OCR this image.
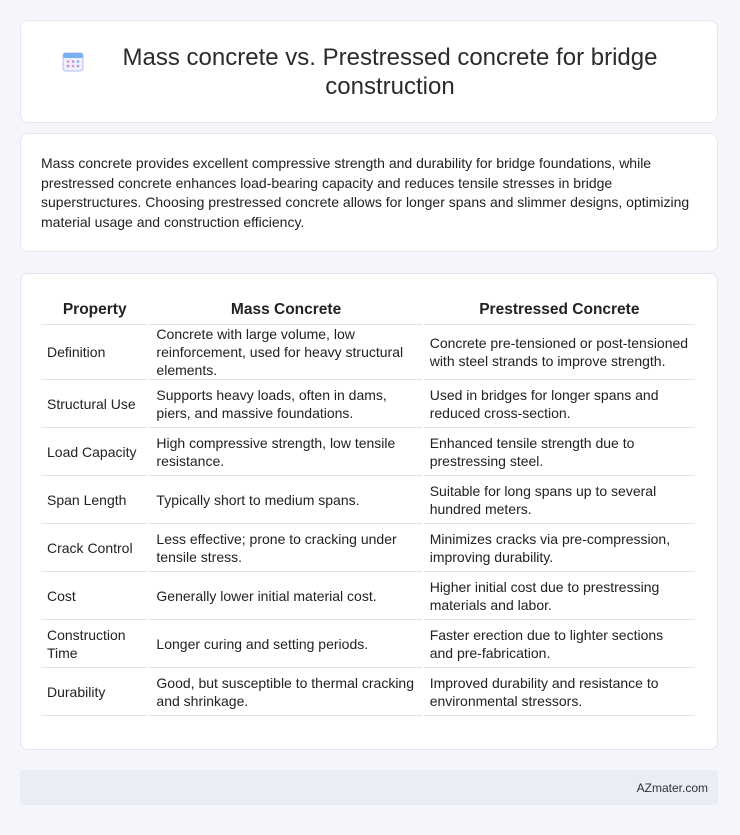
Mass concrete vs. Prestressed concrete for bridge construction

Mass concrete provides excellent compressive strength and durability for bridge foundations, while prestressed concrete enhances load-bearing capacity and reduces tensile stresses in bridge superstructures. Choosing prestressed concrete allows for longer spans and slimmer designs, optimizing material usage and construction efficiency.

Property	Mass Concrete	Prestressed Concrete
Definition	Concrete with large volume, low reinforcement, used for heavy structural elements.	Concrete pre-tensioned or post-tensioned with steel strands to improve strength.
Structural Use	Supports heavy loads, often in dams, piers, and massive foundations.	Used in bridges for longer spans and reduced cross-section.
Load Capacity	High compressive strength, low tensile resistance.	Enhanced tensile strength due to prestressing steel.
Span Length	Typically short to medium spans.	Suitable for long spans up to several hundred meters.
Crack Control	Less effective; prone to cracking under tensile stress.	Minimizes cracks via pre-compression, improving durability.
Cost	Generally lower initial material cost.	Higher initial cost due to prestressing materials and labor.
Construction Time	Longer curing and setting periods.	Faster erection due to lighter sections and pre-fabrication.
Durability	Good, but susceptible to thermal cracking and shrinkage.	Improved durability and resistance to environmental stressors.
AZmater.com
